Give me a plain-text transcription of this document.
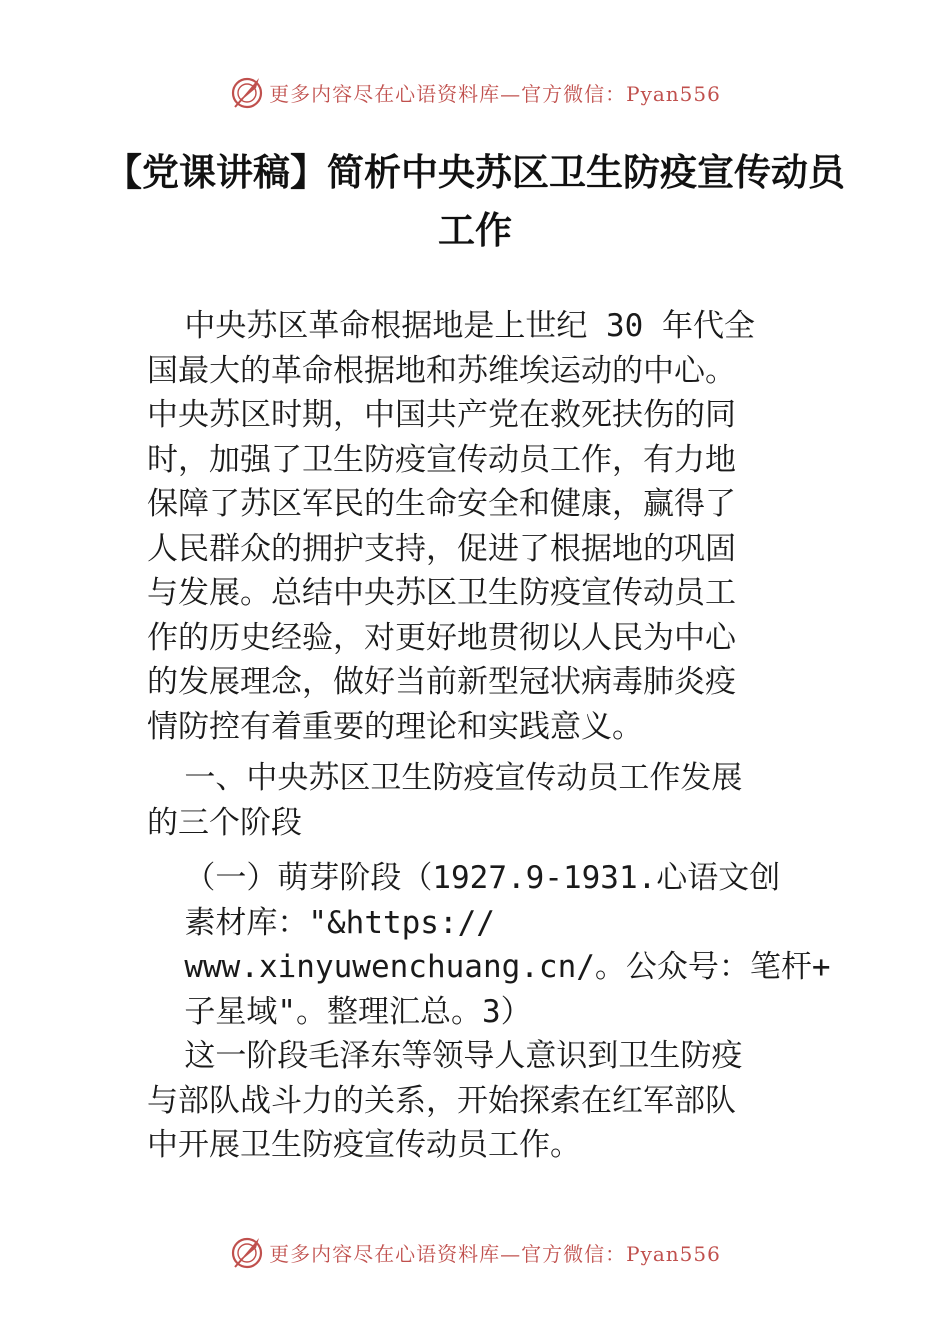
更多内容尽在心语资料库—官方微信：Pyan556
【党课讲稿】简析中央苏区卫生防疫宣传动员
工作

中央苏区革命根据地是上世纪 30 年代全

国最大的革命根据地和苏维埃运动的中心。

中央苏区时期，中国共产党在救死扶伤的同

时，加强了卫生防疫宣传动员工作，有力地

保障了苏区军民的生命安全和健康，赢得了

人民群众的拥护支持，促进了根据地的巩固

与发展。总结中央苏区卫生防疫宣传动员工

作的历史经验，对更好地贯彻以人民为中心

的发展理念，做好当前新型冠状病毒肺炎疫

情防控有着重要的理论和实践意义。

一、中央苏区卫生防疫宣传动员工作发展

的三个阶段

（一）萌芽阶段（1927.9-1931.心语文创

素材库："&https://

www.xinyuwenchuang.cn/。公众号：笔杆+

子星域"。整理汇总。3）

这一阶段毛泽东等领导人意识到卫生防疫

与部队战斗力的关系，开始探索在红军部队

中开展卫生防疫宣传动员工作。

更多内容尽在心语资料库—官方微信：Pyan556
